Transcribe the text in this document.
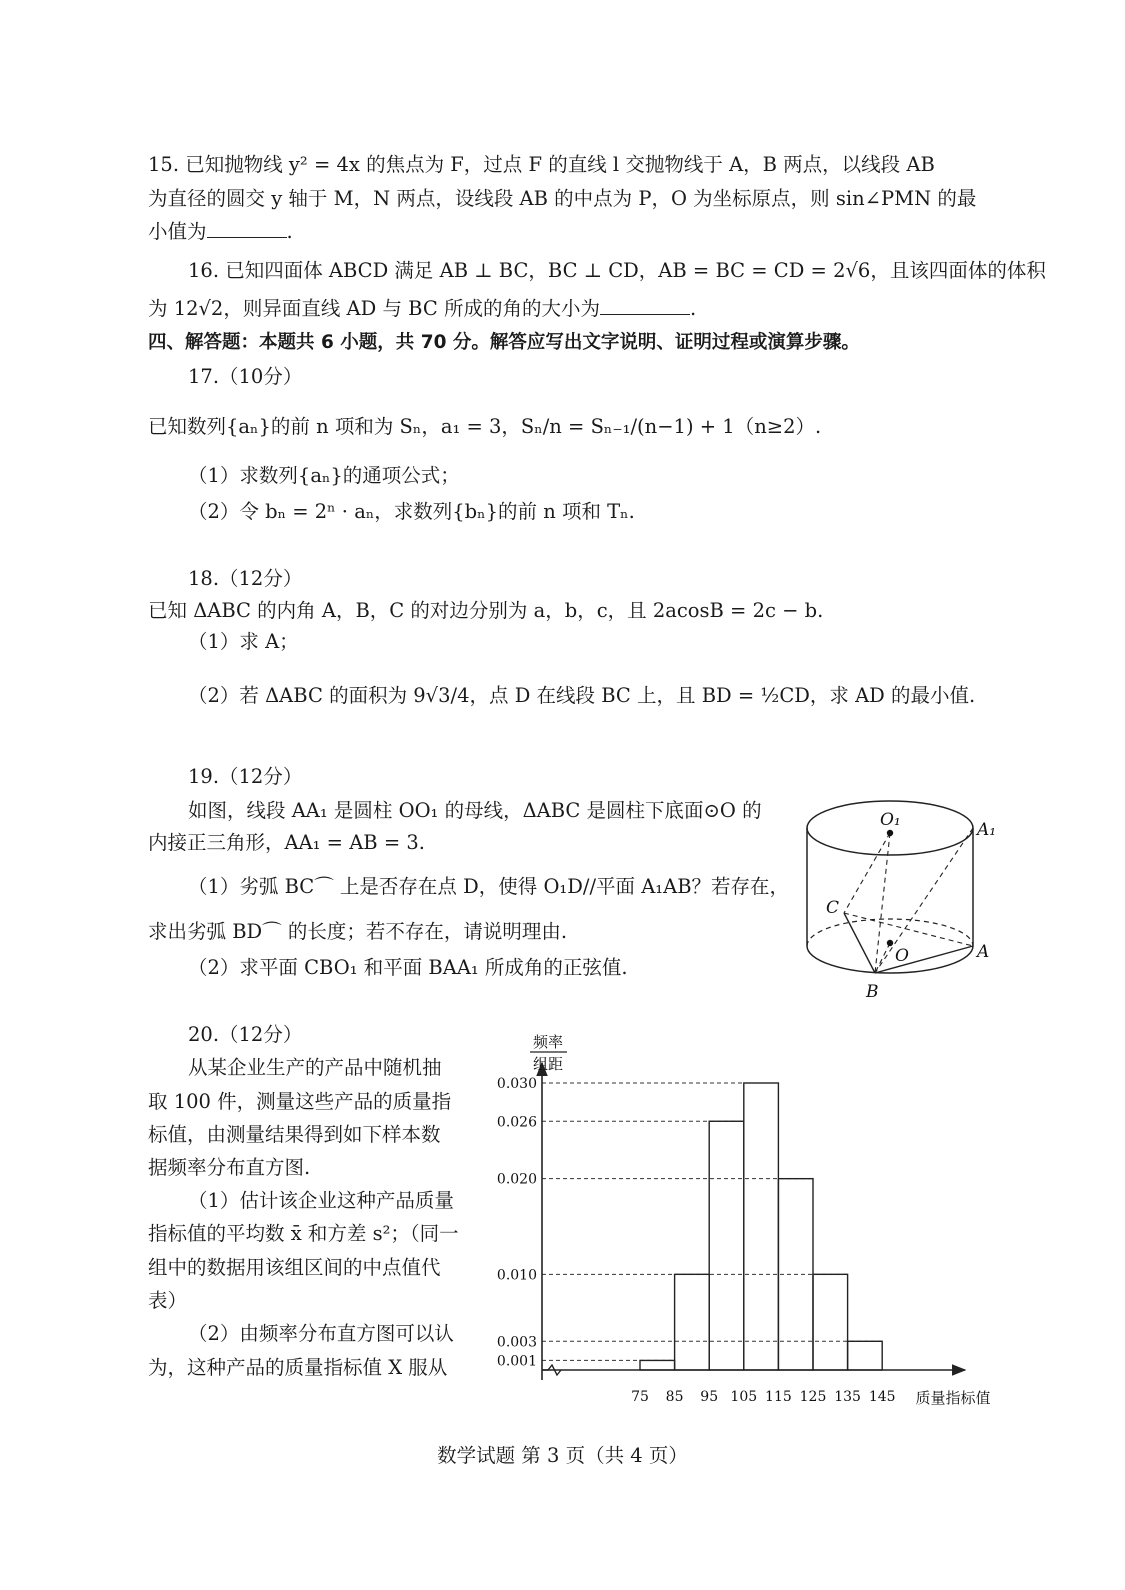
15. 已知抛物线 y² = 4x 的焦点为 F，过点 F 的直线 l 交抛物线于 A，B 两点，以线段 AB
为直径的圆交 y 轴于 M，N 两点，设线段 AB 的中点为 P，O 为坐标原点，则 sin∠PMN 的最
小值为	.
16. 已知四面体 ABCD 满足 AB ⊥ BC，BC ⊥ CD，AB = BC = CD = 2√6，且该四面体的体积
为 12√2，则异面直线 AD 与 BC 所成的角的大小为	.
四、解答题：本题共 6 小题，共 70 分。解答应写出文字说明、证明过程或演算步骤。
17.（10分）
已知数列{aₙ}的前 n 项和为 Sₙ，a₁ = 3，Sₙ/n = Sₙ₋₁/(n−1) + 1（n≥2）.
（1）求数列{aₙ}的通项公式；
（2）令 bₙ = 2ⁿ · aₙ，求数列{bₙ}的前 n 项和 Tₙ.
18.（12分）
已知 ΔABC 的内角 A，B，C 的对边分别为 a，b，c，且 2acosB = 2c − b.
（1）求 A；
（2）若 ΔABC 的面积为 9√3/4，点 D 在线段 BC 上，且 BD = ½CD，求 AD 的最小值.
19.（12分）
如图，线段 AA₁ 是圆柱 OO₁ 的母线，ΔABC 是圆柱下底面⊙O 的
内接正三角形，AA₁ = AB = 3.
（1）劣弧 BC⌒ 上是否存在点 D，使得 O₁D//平面 A₁AB？若存在，
求出劣弧 BD⌒ 的长度；若不存在，请说明理由.
（2）求平面 CBO₁ 和平面 BAA₁ 所成角的正弦值.
O₁	A₁
C
O	A
B
20.（12分）
从某企业生产的产品中随机抽
取 100 件，测量这些产品的质量指
标值，由测量结果得到如下样本数
据频率分布直方图.
（1）估计该企业这种产品质量
指标值的平均数 x̄ 和方差 s²；（同一
组中的数据用该组区间的中点值代
表）
（2）由频率分布直方图可以认
为，这种产品的质量指标值 X 服从
频率
组距
0.030
0.026
0.020
0.010
0.003
0.001
75 85 95 105 115 125 135 145 质量指标值
数学试题 第 3 页（共 4 页）
